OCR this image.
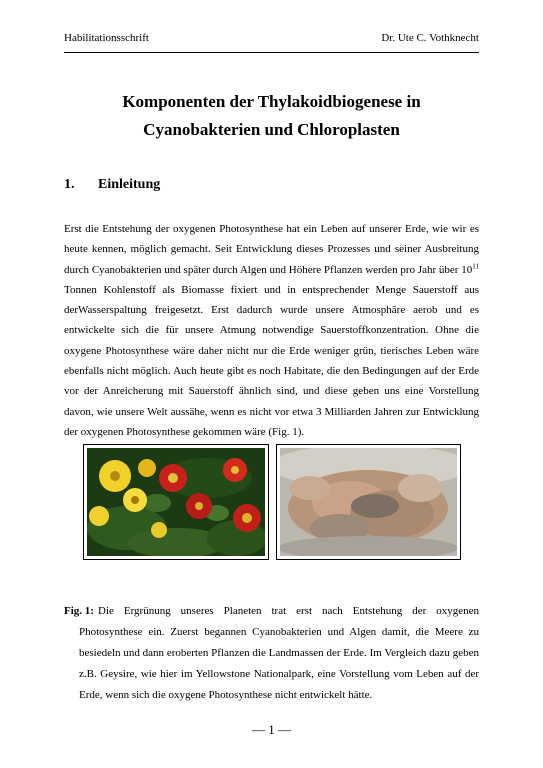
Habilitationsschrift	Dr. Ute C. Vothknecht
Komponenten der Thylakoidbiogenese in
Cyanobakterien und Chloroplasten
1. Einleitung

Erst die Entstehung der oxygenen Photosynthese hat ein Leben auf unserer Erde, wie wir es heute kennen, möglich gemacht. Seit Entwicklung dieses Prozesses und seiner Ausbreitung durch Cyanobakterien und später durch Algen und Höhere Pflanzen werden pro Jahr über $10^{11}$ Tonnen Kohlenstoff als Biomasse fixiert und in entsprechender Menge Sauerstoff aus derWasserspaltung freigesetzt. Erst dadurch wurde unsere Atmosphäre aerob und es entwickelte sich die für unsere Atmung notwendige Sauerstoffkonzentration. Ohne die oxygene Photosynthese wäre daher nicht nur die Erde weniger grün, tierisches Leben wäre ebenfalls nicht möglich. Auch heute gibt es noch Habitate, die den Bedingungen auf der Erde vor der Anreicherung mit Sauerstoff ähnlich sind, und diese geben uns eine Vorstellung davon, wie unsere Welt aussähe, wenn es nicht vor etwa 3 Milliarden Jahren zur Entwicklung der oxygenen Photosynthese gekommen wäre (Fig. 1).

Fig. 1: Die Ergrünung unseres Planeten trat erst nach Entstehung der oxygenen Photosynthese ein. Zuerst begannen Cyanobakterien und Algen damit, die Meere zu besiedeln und dann eroberten Pflanzen die Landmassen der Erde. Im Vergleich dazu geben z.B. Geysire, wie hier im Yellowstone Nationalpark, eine Vorstellung vom Leben auf der Erde, wenn sich die oxygene Photosynthese nicht entwickelt hätte.
— 1 —
